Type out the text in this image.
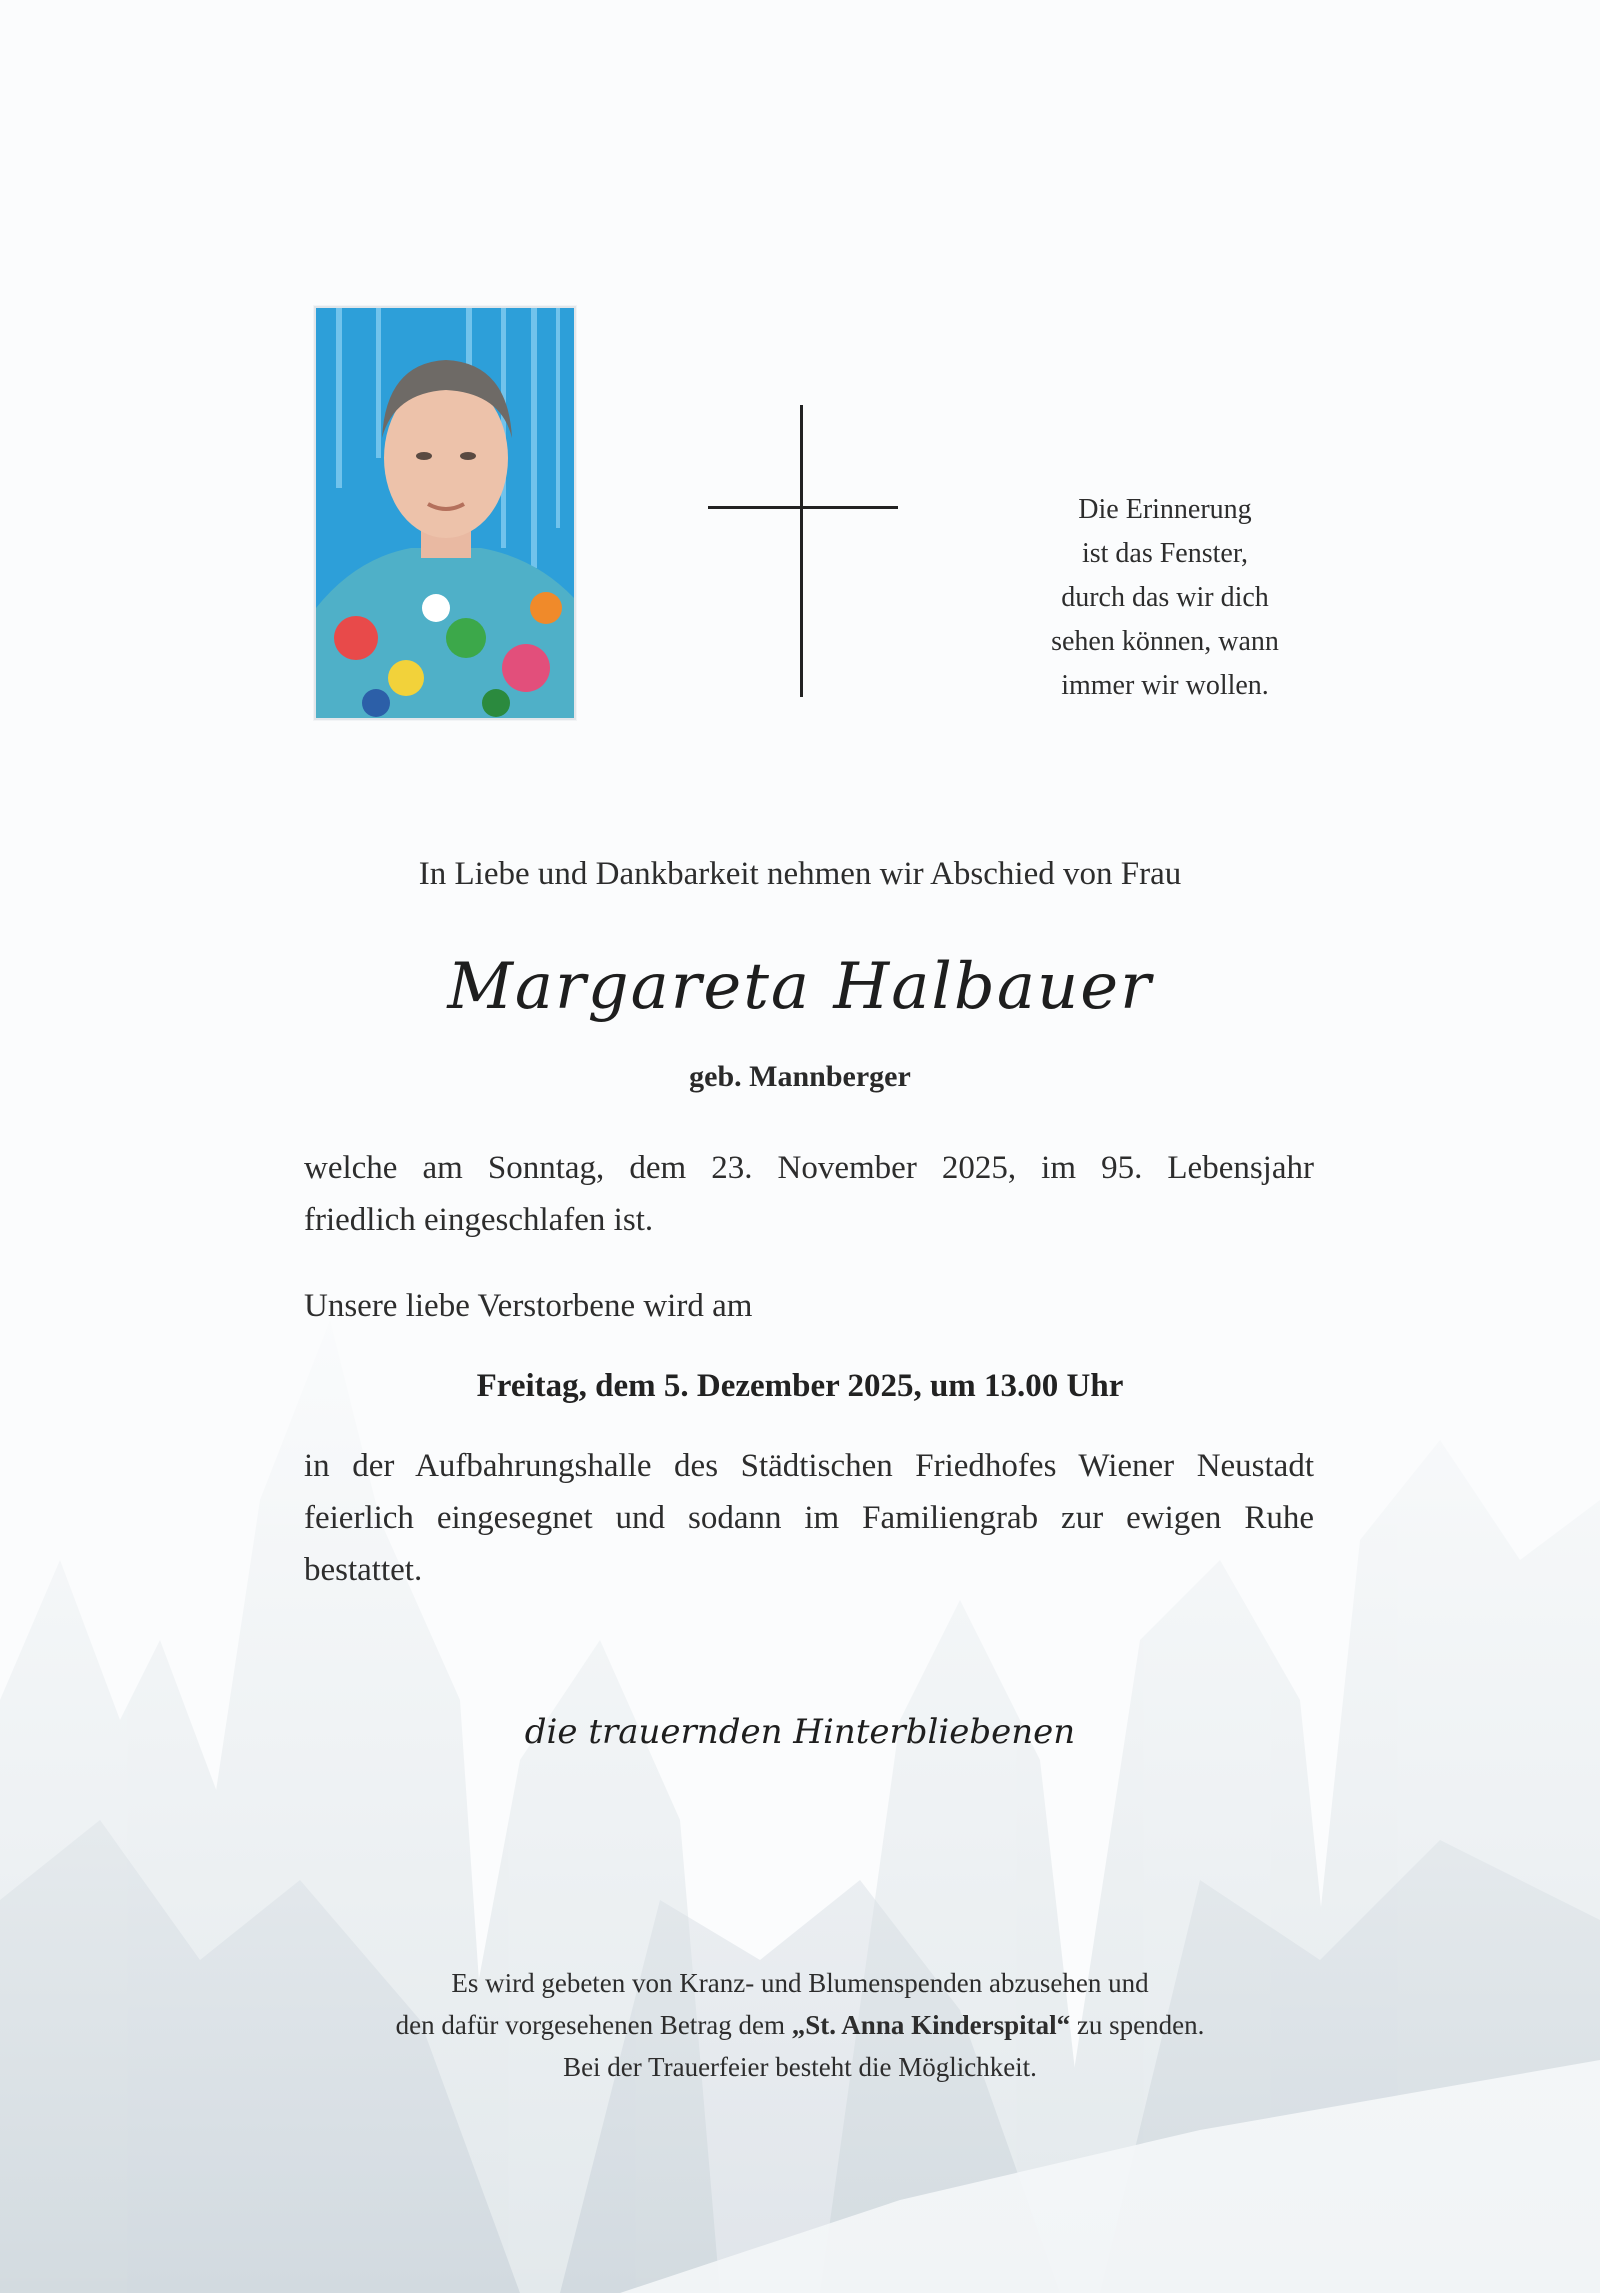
Die Erinnerung
ist das Fenster,
durch das wir dich
sehen können, wann
immer wir wollen.
In Liebe und Dankbarkeit nehmen wir Abschied von Frau
Margareta Halbauer
geb. Mannberger
welche am Sonntag, dem 23. November 2025, im 95. Lebensjahr
friedlich eingeschlafen ist.
Unsere liebe Verstorbene wird am
Freitag, dem 5. Dezember 2025, um 13.00 Uhr
in der Aufbahrungshalle des Städtischen Friedhofes Wiener Neustadt
feierlich eingesegnet und sodann im Familiengrab zur ewigen Ruhe
bestattet.
die trauernden Hinterbliebenen
Es wird gebeten von Kranz- und Blumenspenden abzusehen und
den dafür vorgesehenen Betrag dem „St. Anna Kinderspital“ zu spenden.
Bei der Trauerfeier besteht die Möglichkeit.
